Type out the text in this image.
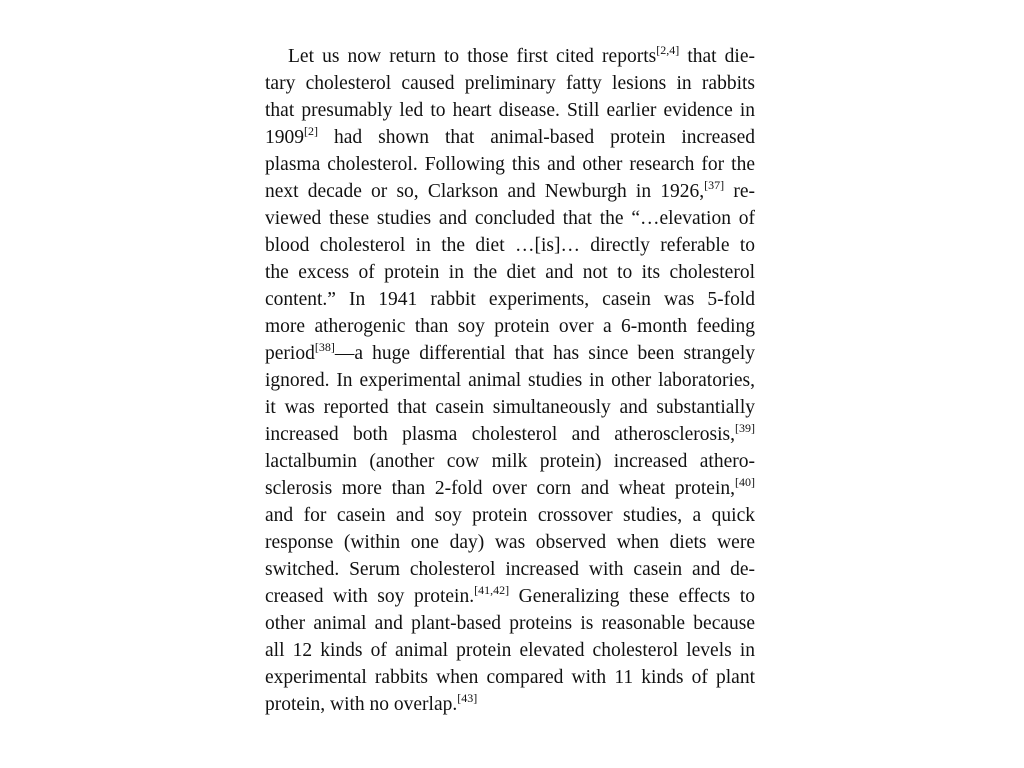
Let us now return to those first cited reports[2,4] that die-
tary cholesterol caused preliminary fatty lesions in rabbits
that presumably led to heart disease. Still earlier evidence in
1909[2] had shown that animal-based protein increased
plasma cholesterol. Following this and other research for the
next decade or so, Clarkson and Newburgh in 1926,[37] re-
viewed these studies and concluded that the “…elevation of
blood cholesterol in the diet …[is]… directly referable to
the excess of protein in the diet and not to its cholesterol
content.” In 1941 rabbit experiments, casein was 5-fold
more atherogenic than soy protein over a 6-month feeding
period[38]—a huge differential that has since been strangely
ignored. In experimental animal studies in other laboratories,
it was reported that casein simultaneously and substantially
increased both plasma cholesterol and atherosclerosis,[39]
lactalbumin (another cow milk protein) increased athero-
sclerosis more than 2-fold over corn and wheat protein,[40]
and for casein and soy protein crossover studies, a quick
response (within one day) was observed when diets were
switched. Serum cholesterol increased with casein and de-
creased with soy protein.[41,42] Generalizing these effects to
other animal and plant-based proteins is reasonable because
all 12 kinds of animal protein elevated cholesterol levels in
experimental rabbits when compared with 11 kinds of plant
protein, with no overlap.[43]
